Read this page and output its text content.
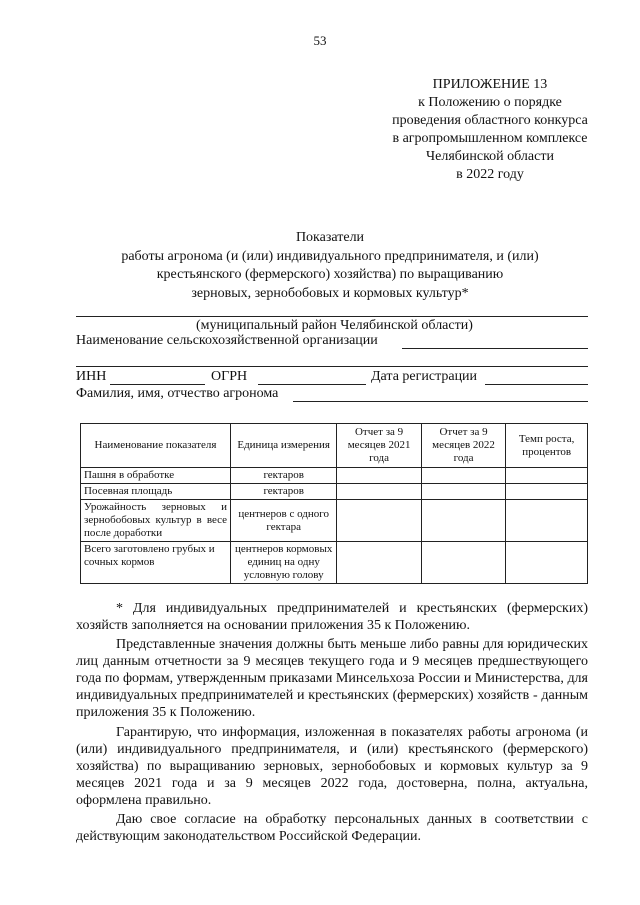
53
ПРИЛОЖЕНИЕ 13
к Положению о порядке
проведения областного конкурса
в агропромышленном комплексе
Челябинской области
в 2022 году
Показатели
работы агронома (и (или) индивидуального предпринимателя, и (или)
крестьянского (фермерского) хозяйства) по выращиванию
зерновых, зернобобовых и кормовых культур*
(муниципальный район Челябинской области)
Наименование сельскохозяйственной организации
ИНН	ОГРН	Дата регистрации
Фамилия, имя, отчество агронома
Наименование показателя	Единица измерения	Отчет за 9 месяцев 2021 года	Отчет за 9 месяцев 2022 года	Темп роста, процентов
Пашня в обработке	гектаров			
Посевная площадь	гектаров			
Урожайность зерновых и зернобобовых культур в весе после доработки	центнеров с одного гектара			
Всего заготовлено грубых и сочных кормов	центнеров кормовых единиц на одну условную голову			
* Для индивидуальных предпринимателей и крестьянских (фермерских) хозяйств заполняется на основании приложения 35 к Положению.
Представленные значения должны быть меньше либо равны для юридических лиц данным отчетности за 9 месяцев текущего года и 9 месяцев предшествующего года по формам, утвержденным приказами Минсельхоза России и Министерства, для индивидуальных предпринимателей и крестьянских (фермерских) хозяйств - данным приложения 35 к Положению.
Гарантирую, что информация, изложенная в показателях работы агронома (и (или) индивидуального предпринимателя, и (или) крестьянского (фермерского) хозяйства) по выращиванию зерновых, зернобобовых и кормовых культур за 9 месяцев 2021 года и за 9 месяцев 2022 года, достоверна, полна, актуальна, оформлена правильно.
Даю свое согласие на обработку персональных данных в соответствии с действующим законодательством Российской Федерации.
